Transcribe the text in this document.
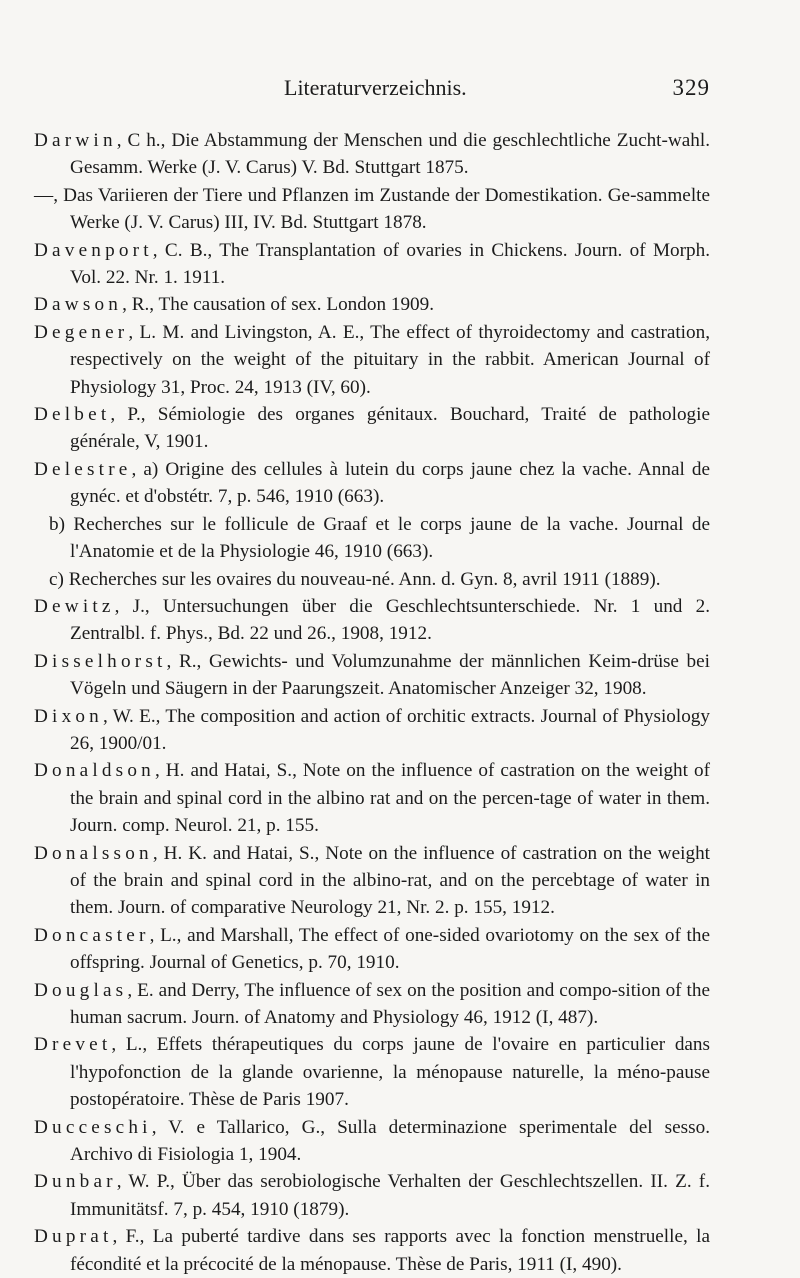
Literaturverzeichnis.	329

Darwin, C h., Die Abstammung der Menschen und die geschlechtliche Zucht-wahl. Gesamm. Werke (J. V. Carus) V. Bd. Stuttgart 1875.

—, Das Variieren der Tiere und Pflanzen im Zustande der Domestikation. Ge-sammelte Werke (J. V. Carus) III, IV. Bd. Stuttgart 1878.

Davenport, C. B., The Transplantation of ovaries in Chickens. Journ. of Morph. Vol. 22. Nr. 1. 1911.

Dawson, R., The causation of sex. London 1909.

Degener, L. M. and Livingston, A. E., The effect of thyroidectomy and castration, respectively on the weight of the pituitary in the rabbit. American Journal of Physiology 31, Proc. 24, 1913 (IV, 60).

Delbet, P., Sémiologie des organes génitaux. Bouchard, Traité de pathologie générale, V, 1901.

Delestre, a) Origine des cellules à lutein du corps jaune chez la vache. Annal de gynéc. et d'obstétr. 7, p. 546, 1910 (663).

b) Recherches sur le follicule de Graaf et le corps jaune de la vache. Journal de l'Anatomie et de la Physiologie 46, 1910 (663).

c) Recherches sur les ovaires du nouveau-né. Ann. d. Gyn. 8, avril 1911 (1889).

Dewitz, J., Untersuchungen über die Geschlechtsunterschiede. Nr. 1 und 2. Zentralbl. f. Phys., Bd. 22 und 26., 1908, 1912.

Disselhorst, R., Gewichts- und Volumzunahme der männlichen Keim-drüse bei Vögeln und Säugern in der Paarungszeit. Anatomischer Anzeiger 32, 1908.

Dixon, W. E., The composition and action of orchitic extracts. Journal of Physiology 26, 1900/01.

Donaldson, H. and Hatai, S., Note on the influence of castration on the weight of the brain and spinal cord in the albino rat and on the percen-tage of water in them. Journ. comp. Neurol. 21, p. 155.

Donalsson, H. K. and Hatai, S., Note on the influence of castration on the weight of the brain and spinal cord in the albino-rat, and on the percebtage of water in them. Journ. of comparative Neurology 21, Nr. 2. p. 155, 1912.

Doncaster, L., and Marshall, The effect of one-sided ovariotomy on the sex of the offspring. Journal of Genetics, p. 70, 1910.

Douglas, E. and Derry, The influence of sex on the position and compo-sition of the human sacrum. Journ. of Anatomy and Physiology 46, 1912 (I, 487).

Drevet, L., Effets thérapeutiques du corps jaune de l'ovaire en particulier dans l'hypofonction de la glande ovarienne, la ménopause naturelle, la méno-pause postopératoire. Thèse de Paris 1907.

Ducceschi, V. e Tallarico, G., Sulla determinazione sperimentale del sesso. Archivo di Fisiologia 1, 1904.

Dunbar, W. P., Über das serobiologische Verhalten der Geschlechtszellen. II. Z. f. Immunitätsf. 7, p. 454, 1910 (1879).

Duprat, F., La puberté tardive dans ses rapports avec la fonction menstruelle, la fécondité et la précocité de la ménopause. Thèse de Paris, 1911 (I, 490).
